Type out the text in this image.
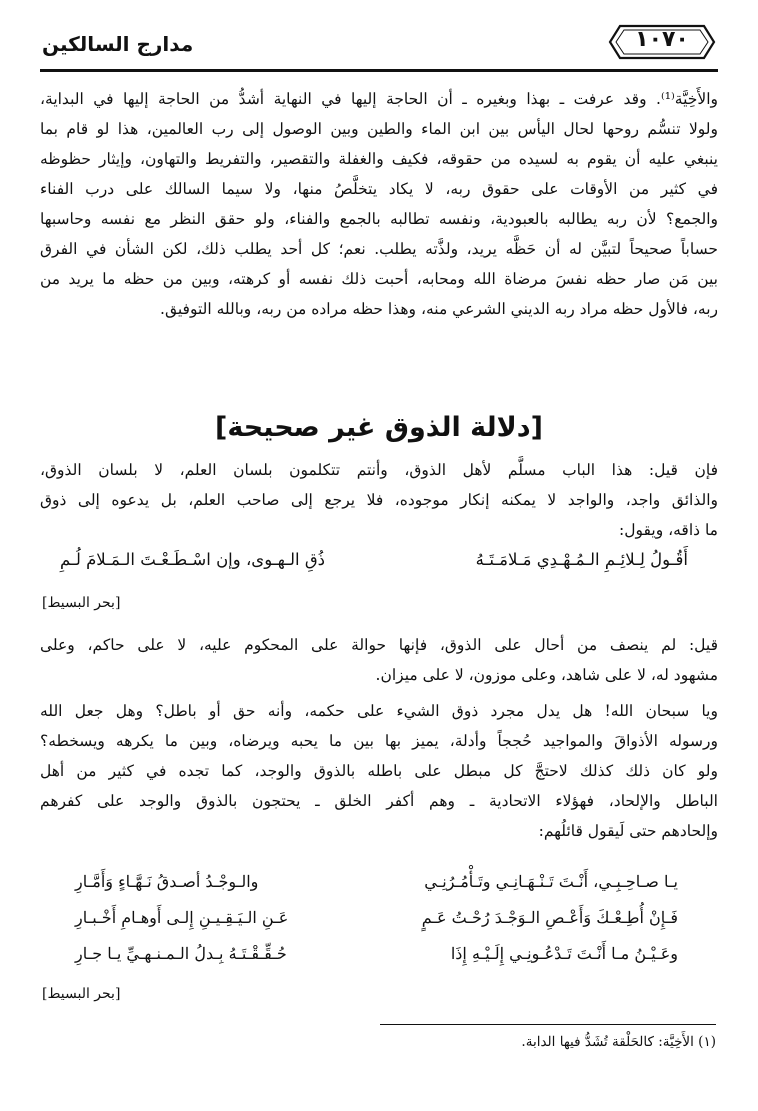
مدارج السالكين	١٠٧٠
والأَخِيَّة⁽¹⁾. وقد عرفت ـ بهذا وبغيره ـ أن الحاجة إليها في النهاية أشدُّ من الحاجة إليها في البداية،
ولولا تنسُّم روحها لحال اليأس بين ابن الماء والطين وبين الوصول إلى رب العالمين، هذا لو قام بما
ينبغي عليه أن يقوم به لسيده من حقوقه، فكيف والغفلة والتقصير، والتفريط والتهاون، وإيثار حظوظه
في كثير من الأوقات على حقوق ربه، لا يكاد يتخلَّصُ منها، ولا سيما السالك على درب الفناء
والجمع؟ لأن ربه يطالبه بالعبودية، ونفسه تطالبه بالجمع والفناء، ولو حقق النظر مع نفسه وحاسبها
حساباً صحيحاً لتبيَّن له أن حَظَّه يريد، ولذَّته يطلب. نعم؛ كل أحد يطلب ذلك، لكن الشأن في الفرق
بين مَن صار حظه نفسَ مرضاة الله ومحابه، أحبت ذلك نفسه أو كرهته، وبين من حظه ما يريد من
ربه، فالأول حظه مراد ربه الديني الشرعي منه، وهذا حظه مراده من ربه، وبالله التوفيق.
[دلالة الذوق غير صحيحة]
فإن قيل: هذا الباب مسلَّم لأهل الذوق، وأنتم تتكلمون بلسان العلم، لا بلسان الذوق،
والذائق واجد، والواجد لا يمكنه إنكار موجوده، فلا يرجع إلى صاحب العلم، بل يدعوه إلى ذوق
ما ذاقه، ويقول:
أَقُـولُ لِـلائِـمِ الـمُـهْـدِي مَـلامَـتَـهُ
ذُقِ الـهـوى، وإن اسْـطَـعْـتَ الـمَـلامَ لُـمِ
[بحر البسيط]
قيل: لم ينصف من أحال على الذوق، فإنها حوالة على المحكوم عليه، لا على حاكم، وعلى
مشهود له، لا على شاهد، وعلى موزون، لا على ميزان.
ويا سبحان الله! هل يدل مجرد ذوق الشيء على حكمه، وأنه حق أو باطل؟ وهل جعل الله
ورسوله الأذواقَ والمواجيد حُججاً وأدلة، يميز بها بين ما يحبه ويرضاه، وبين ما يكرهه ويسخطه؟
ولو كان ذلك كذلك لاحتجَّ كل مبطل على باطله بالذوق والوجد، كما تجده في كثير من أهل
الباطل والإلحاد، فهؤلاء الاتحادية ـ وهم أكفر الخلق ـ يحتجون بالذوق والوجد على كفرهم
وإلحادهم حتى لَيقول قائلُهم:
يـا صـاحِـبِـي، أَنْـتَ تَـنْـهَـانِـي وتَـأْمُـرُنِـي
والـوجْـدُ أصـدقُ نَـهَّـاءٍ وَأَمَّـارِ
فَـإِنْ أُطِـعْـكَ وَأَعْـصِ الـوَجْـدَ رُحْـتُ عَـمٍ
عَـنِ الـيَـقِـيـنِ إِلـى أَوهـامِ أَخْـبـارِ
وعَـيْـنُ مـا أَنْـتَ تَـدْعُـونِـي إِلَـيْـهِ إِذَا
حُـقِّـقْـتَـهُ بِـدلُ الـمـنـهـيِّ يـا جـارِ
[بحر البسيط]
(١) الأَخِيَّة: كالحَلْقة تُشَدُّ فيها الدابة.
